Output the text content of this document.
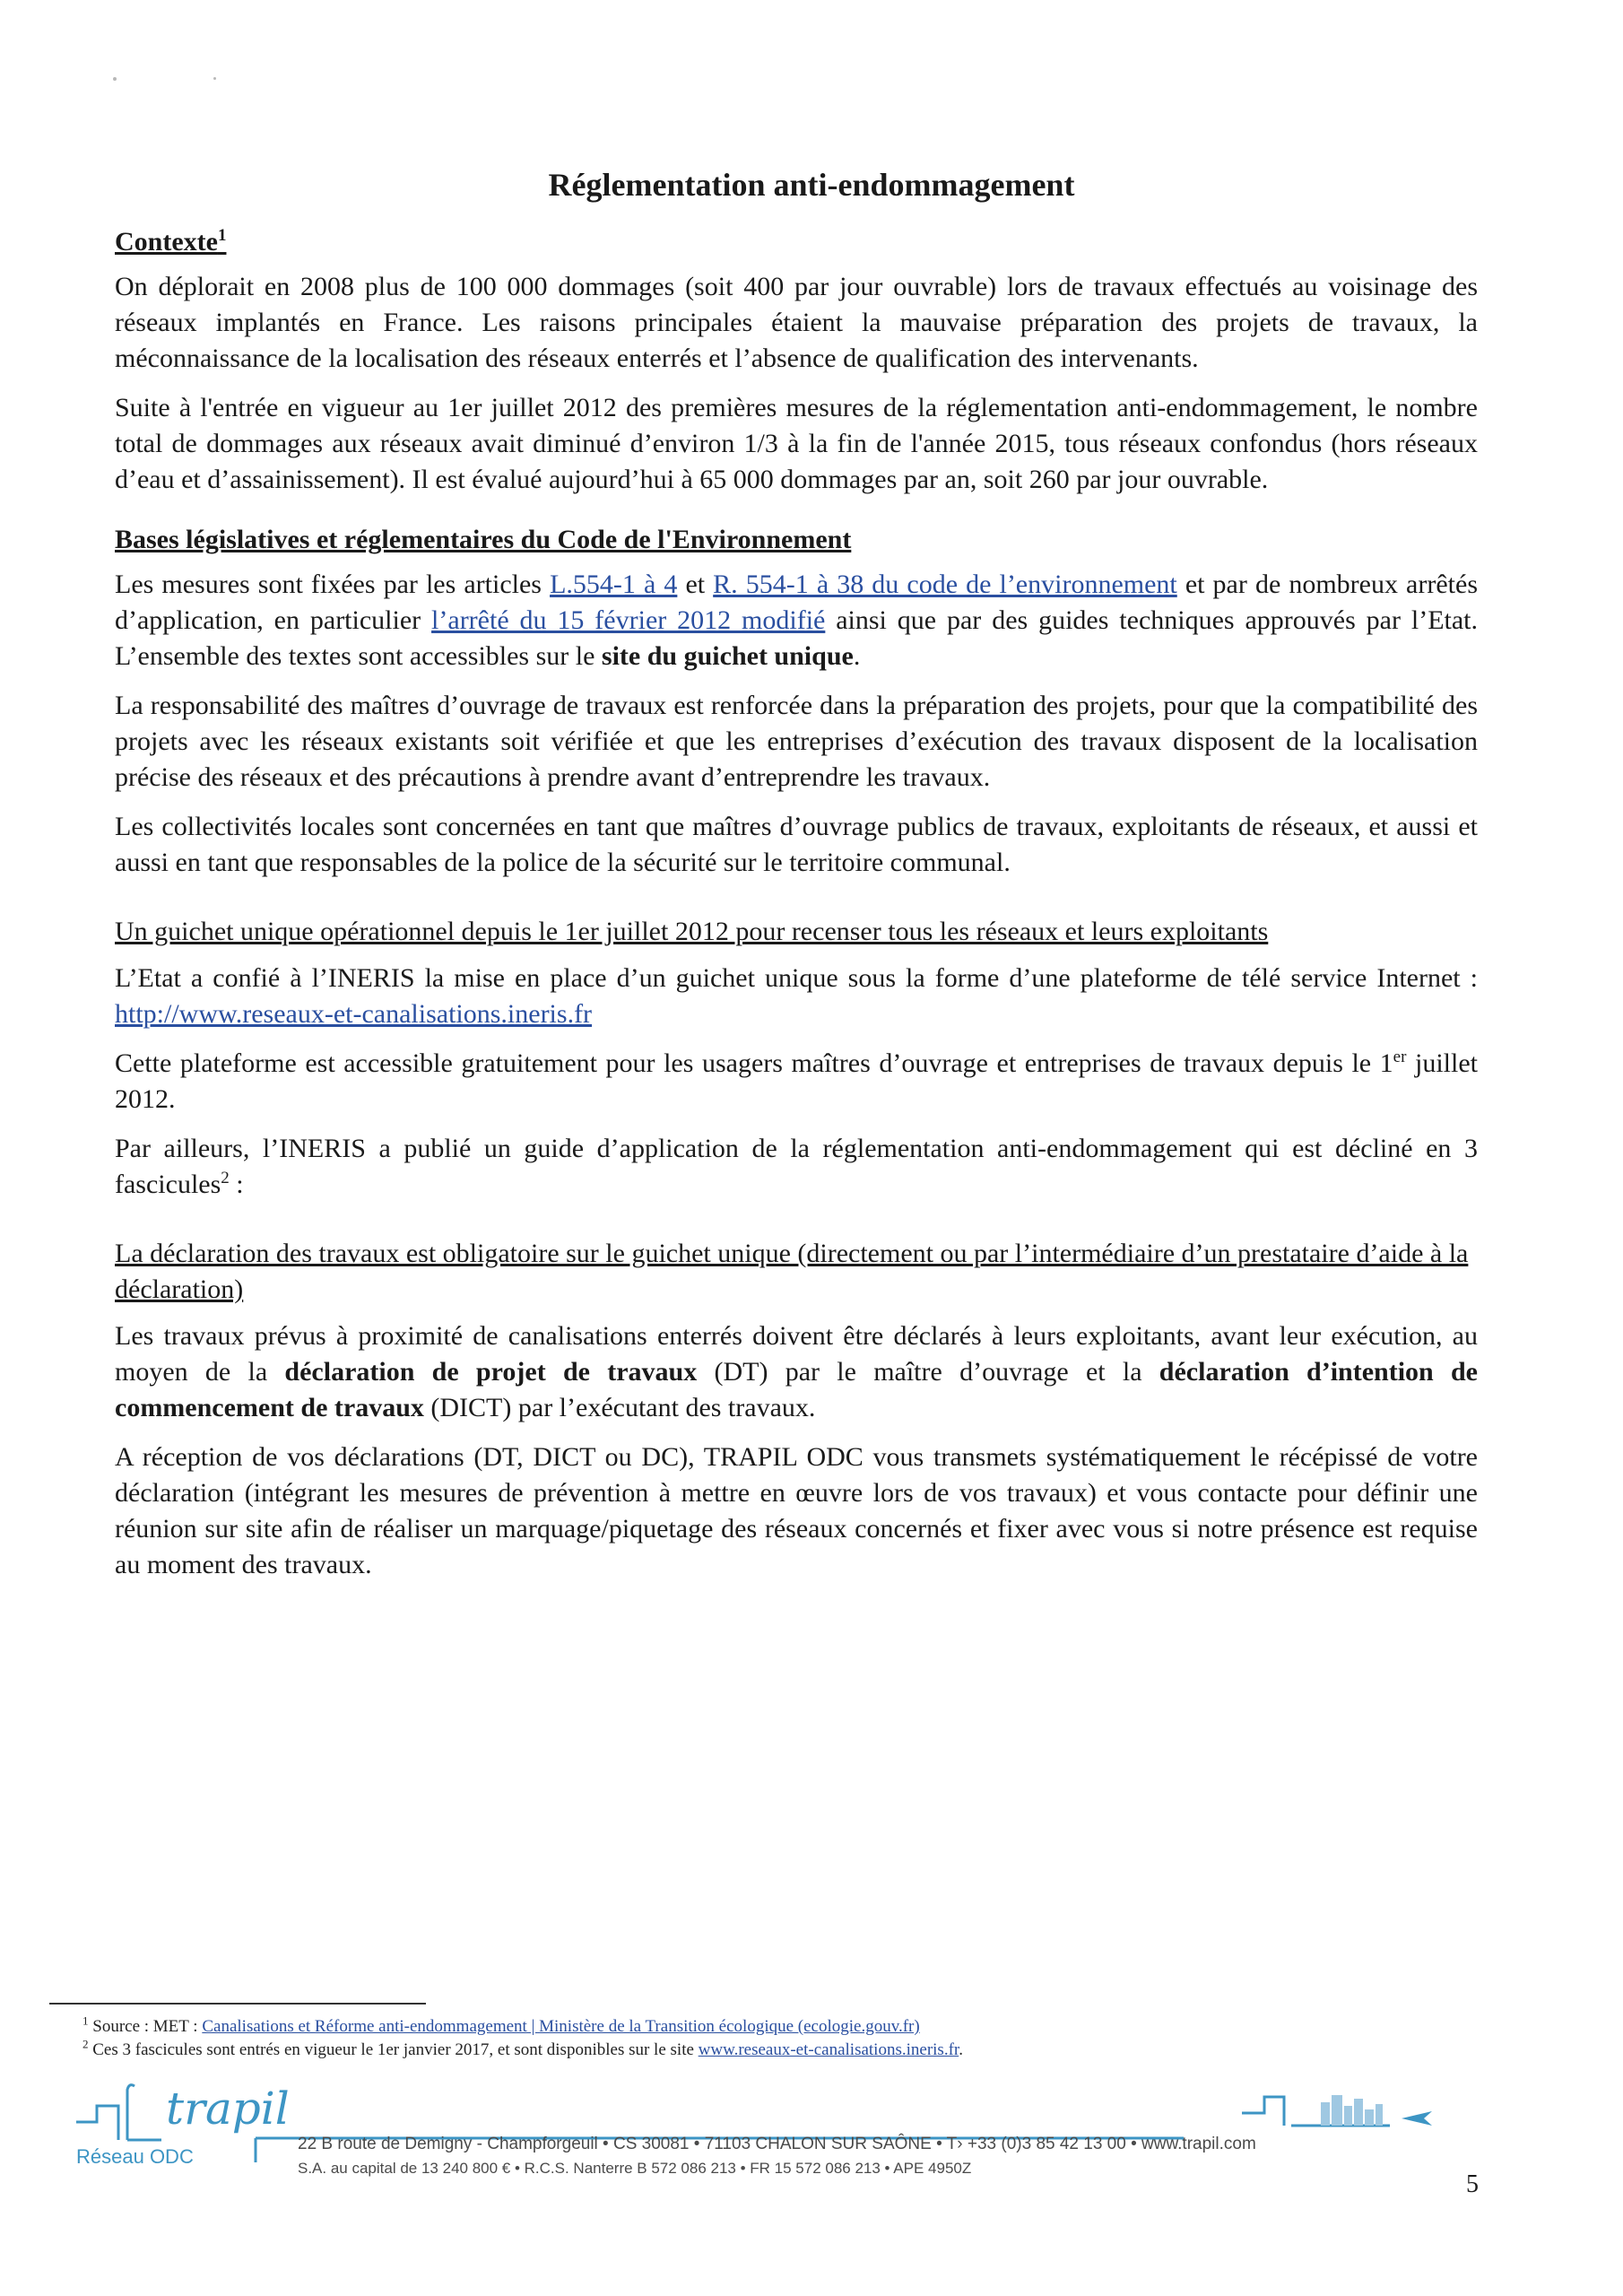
Réglementation anti-endommagement
Contexte$^1$

On déplorait en 2008 plus de 100 000 dommages (soit 400 par jour ouvrable) lors de travaux effectués au voisinage des réseaux implantés en France. Les raisons principales étaient la mauvaise préparation des projets de travaux, la méconnaissance de la localisation des réseaux enterrés et l’absence de qualification des intervenants.

Suite à l'entrée en vigueur au 1er juillet 2012 des premières mesures de la réglementation anti-endommagement, le nombre total de dommages aux réseaux avait diminué d’environ 1/3 à la fin de l'année 2015, tous réseaux confondus (hors réseaux d’eau et d’assainissement). Il est évalué aujourd’hui à 65 000 dommages par an, soit 260 par jour ouvrable.

Bases législatives et réglementaires du Code de l'Environnement

Les mesures sont fixées par les articles L.554-1 à 4 et R. 554-1 à 38 du code de l’environnement et par de nombreux arrêtés d’application, en particulier l’arrêté du 15 février 2012 modifié ainsi que par des guides techniques approuvés par l’Etat. L’ensemble des textes sont accessibles sur le site du guichet unique.

La responsabilité des maîtres d’ouvrage de travaux est renforcée dans la préparation des projets, pour que la compatibilité des projets avec les réseaux existants soit vérifiée et que les entreprises d’exécution des travaux disposent de la localisation précise des réseaux et des précautions à prendre avant d’entreprendre les travaux.

Les collectivités locales sont concernées en tant que maîtres d’ouvrage publics de travaux, exploitants de réseaux, et aussi et aussi en tant que responsables de la police de la sécurité sur le territoire communal.

Un guichet unique opérationnel depuis le 1er juillet 2012 pour recenser tous les réseaux et leurs exploitants

L’Etat a confié à l’INERIS la mise en place d’un guichet unique sous la forme d’une plateforme de télé service Internet : http://www.reseaux-et-canalisations.ineris.fr

Cette plateforme est accessible gratuitement pour les usagers maîtres d’ouvrage et entreprises de travaux depuis le 1er juillet 2012.

Par ailleurs, l’INERIS a publié un guide d’application de la réglementation anti-endommagement qui est décliné en 3 fascicules$^2$ :

La déclaration des travaux est obligatoire sur le guichet unique (directement ou par l’intermédiaire d’un prestataire d’aide à la déclaration)

Les travaux prévus à proximité de canalisations enterrés doivent être déclarés à leurs exploitants, avant leur exécution, au moyen de la déclaration de projet de travaux (DT) par le maître d’ouvrage et la déclaration d’intention de commencement de travaux (DICT) par l’exécutant des travaux.

A réception de vos déclarations (DT, DICT ou DC), TRAPIL ODC vous transmets systématiquement le récépissé de votre déclaration (intégrant les mesures de prévention à mettre en œuvre lors de vos travaux) et vous contacte pour définir une réunion sur site afin de réaliser un marquage/piquetage des réseaux concernés et fixer avec vous si notre présence est requise au moment des travaux.

$^1$ Source : MET : Canalisations et Réforme anti-endommagement | Ministère de la Transition écologique (ecologie.gouv.fr)
$^2$ Ces 3 fascicules sont entrés en vigueur le 1er janvier 2017, et sont disponibles sur le site www.reseaux-et-canalisations.ineris.fr.
trapil
Réseau ODC
22 B route de Demigny - Champforgeuil • CS 30081 • 71103 CHALON SUR SAÔNE • T› +33 (0)3 85 42 13 00 • www.trapil.com
S.A. au capital de 13 240 800 € • R.C.S. Nanterre B 572 086 213 • FR 15 572 086 213 • APE 4950Z
5
